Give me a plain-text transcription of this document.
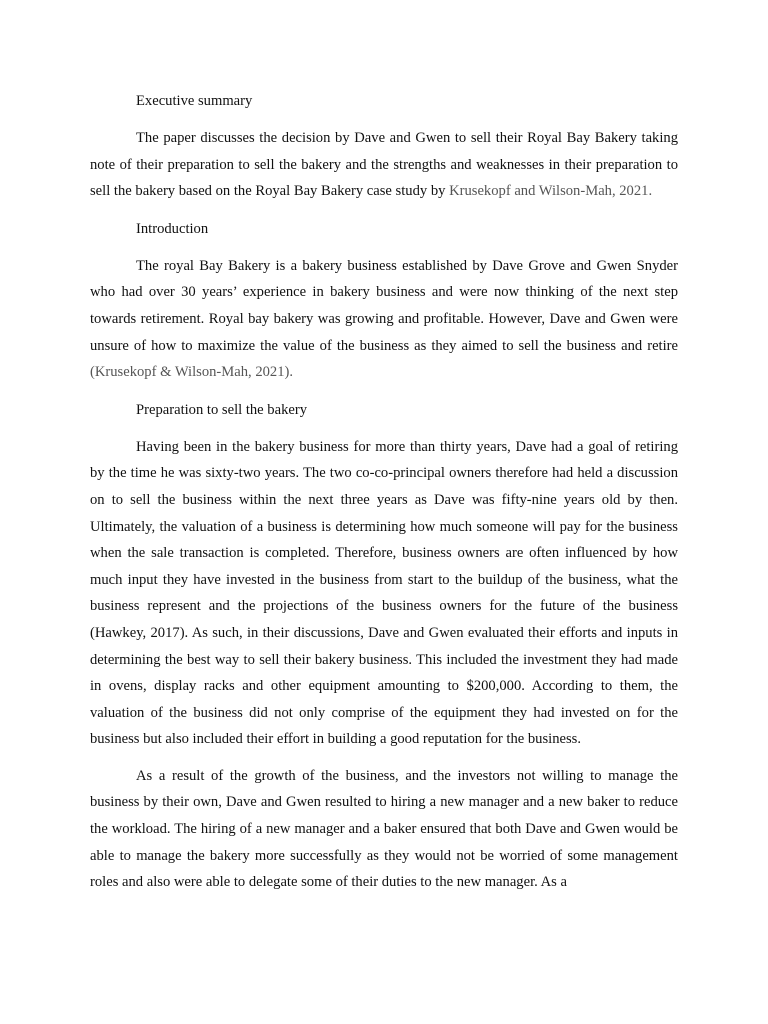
Executive summary

The paper discusses the decision by Dave and Gwen to sell their Royal Bay Bakery taking note of their preparation to sell the bakery and the strengths and weaknesses in their preparation to sell the bakery based on the Royal Bay Bakery case study by Krusekopf and Wilson-Mah, 2021.

Introduction

The royal Bay Bakery is a bakery business established by Dave Grove and Gwen Snyder who had over 30 years’ experience in bakery business and were now thinking of the next step towards retirement. Royal bay bakery was growing and profitable. However, Dave and Gwen were unsure of how to maximize the value of the business as they aimed to sell the business and retire (Krusekopf & Wilson-Mah, 2021).

Preparation to sell the bakery

Having been in the bakery business for more than thirty years, Dave had a goal of retiring by the time he was sixty-two years. The two co-co-principal owners therefore had held a discussion on to sell the business within the next three years as Dave was fifty-nine years old by then. Ultimately, the valuation of a business is determining how much someone will pay for the business when the sale transaction is completed. Therefore, business owners are often influenced by how much input they have invested in the business from start to the buildup of the business, what the business represent and the projections of the business owners for the future of the business (Hawkey, 2017). As such, in their discussions, Dave and Gwen evaluated their efforts and inputs in determining the best way to sell their bakery business. This included the investment they had made in ovens, display racks and other equipment amounting to $200,000. According to them, the valuation of the business did not only comprise of the equipment they had invested on for the business but also included their effort in building a good reputation for the business.

As a result of the growth of the business, and the investors not willing to manage the business by their own, Dave and Gwen resulted to hiring a new manager and a new baker to reduce the workload. The hiring of a new manager and a baker ensured that both Dave and Gwen would be able to manage the bakery more successfully as they would not be worried of some management roles and also were able to delegate some of their duties to the new manager. As a
